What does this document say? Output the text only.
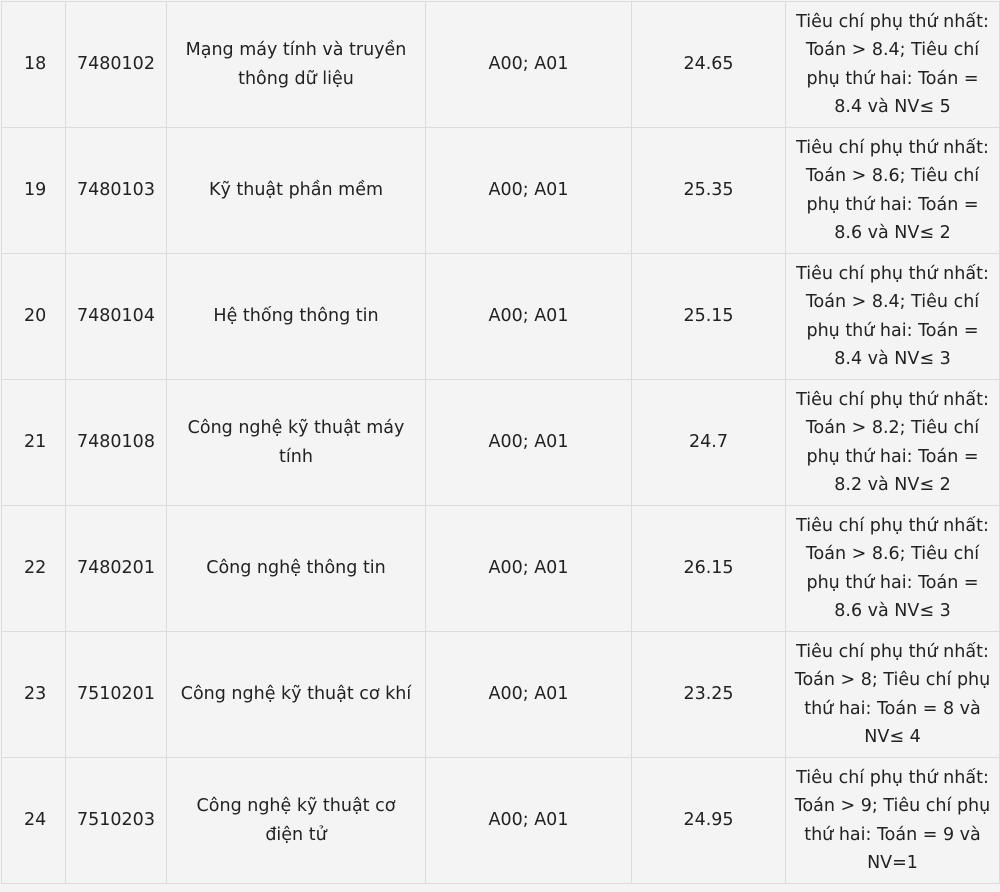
18	7480102	Mạng máy tính và truyền thông dữ liệu	A00; A01	24.65	Tiêu chí phụ thứ nhất: Toán > 8.4; Tiêu chí phụ thứ hai: Toán = 8.4 và NV≤ 5
19	7480103	Kỹ thuật phần mềm	A00; A01	25.35	Tiêu chí phụ thứ nhất: Toán > 8.6; Tiêu chí phụ thứ hai: Toán = 8.6 và NV≤ 2
20	7480104	Hệ thống thông tin	A00; A01	25.15	Tiêu chí phụ thứ nhất: Toán > 8.4; Tiêu chí phụ thứ hai: Toán = 8.4 và NV≤ 3
21	7480108	Công nghệ kỹ thuật máy tính	A00; A01	24.7	Tiêu chí phụ thứ nhất: Toán > 8.2; Tiêu chí phụ thứ hai: Toán = 8.2 và NV≤ 2
22	7480201	Công nghệ thông tin	A00; A01	26.15	Tiêu chí phụ thứ nhất: Toán > 8.6; Tiêu chí phụ thứ hai: Toán = 8.6 và NV≤ 3
23	7510201	Công nghệ kỹ thuật cơ khí	A00; A01	23.25	Tiêu chí phụ thứ nhất: Toán > 8; Tiêu chí phụ thứ hai: Toán = 8 và NV≤ 4
24	7510203	Công nghệ kỹ thuật cơ điện tử	A00; A01	24.95	Tiêu chí phụ thứ nhất: Toán > 9; Tiêu chí phụ thứ hai: Toán = 9 và NV=1
